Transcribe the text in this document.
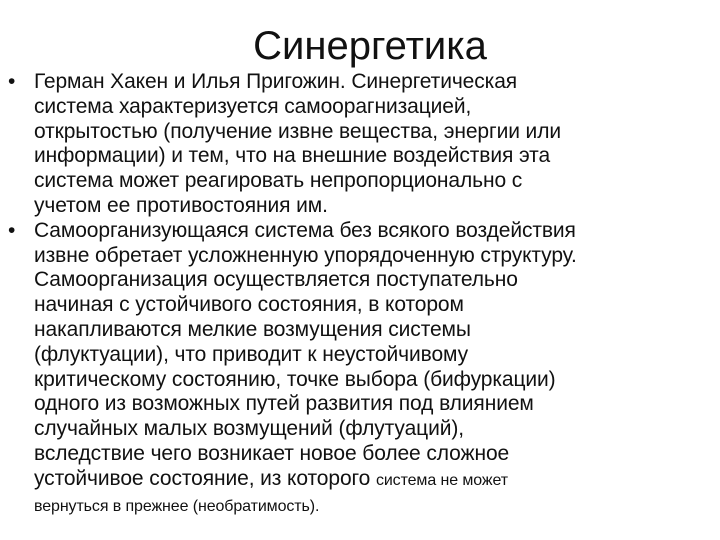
Синергетика
• Герман Хакен и Илья Пригожин. Синергетическая
система характеризуется самоорагнизацией,
открытостью (получение извне вещества, энергии или
информации) и тем, что на внешние воздействия эта
система может реагировать непропорционально с
учетом ее противостояния им.
• Самоорганизующаяся система без всякого воздействия
извне обретает усложненную упорядоченную структуру.
Самоорганизация осуществляется поступательно
начиная с устойчивого состояния, в котором
накапливаются мелкие возмущения системы
(флуктуации), что приводит к неустойчивому
критическому состоянию, точке выбора (бифуркации)
одного из возможных путей развития под влиянием
случайных малых возмущений (флутуаций),
вследствие чего возникает новое более сложное
устойчивое состояние, из которого система не может
вернуться в прежнее (необратимость).
